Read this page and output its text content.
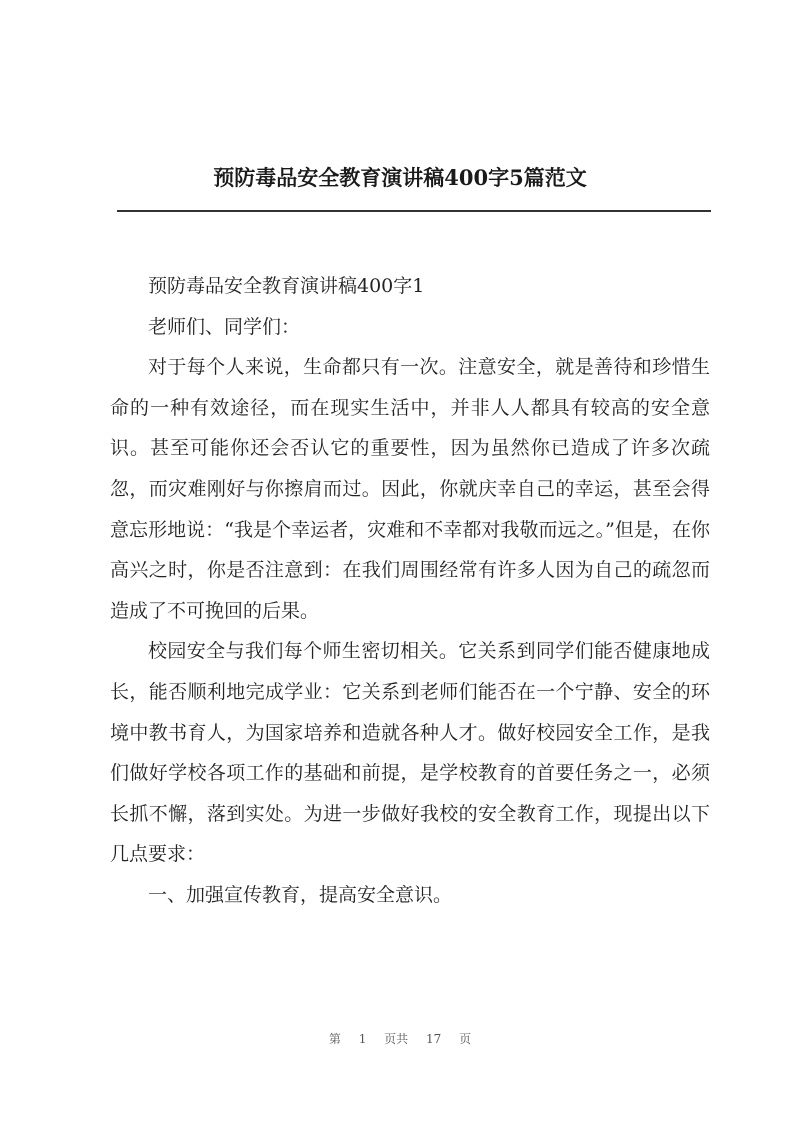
预防毒品安全教育演讲稿400字5篇范文

预防毒品安全教育演讲稿400字1

老师们、同学们：

对于每个人来说，生命都只有一次。注意安全，就是善待和珍惜生命的一种有效途径，而在现实生活中，并非人人都具有较高的安全意识。甚至可能你还会否认它的重要性，因为虽然你已造成了许多次疏忽，而灾难刚好与你擦肩而过。因此，你就庆幸自己的幸运，甚至会得意忘形地说：“我是个幸运者，灾难和不幸都对我敬而远之。”但是，在你高兴之时，你是否注意到：在我们周围经常有许多人因为自己的疏忽而造成了不可挽回的后果。

校园安全与我们每个师生密切相关。它关系到同学们能否健康地成长，能否顺利地完成学业：它关系到老师们能否在一个宁静、安全的环境中教书育人，为国家培养和造就各种人才。做好校园安全工作，是我们做好学校各项工作的基础和前提，是学校教育的首要任务之一，必须长抓不懈，落到实处。为进一步做好我校的安全教育工作，现提出以下几点要求：

一、加强宣传教育，提高安全意识。

第 1 页共 17 页
